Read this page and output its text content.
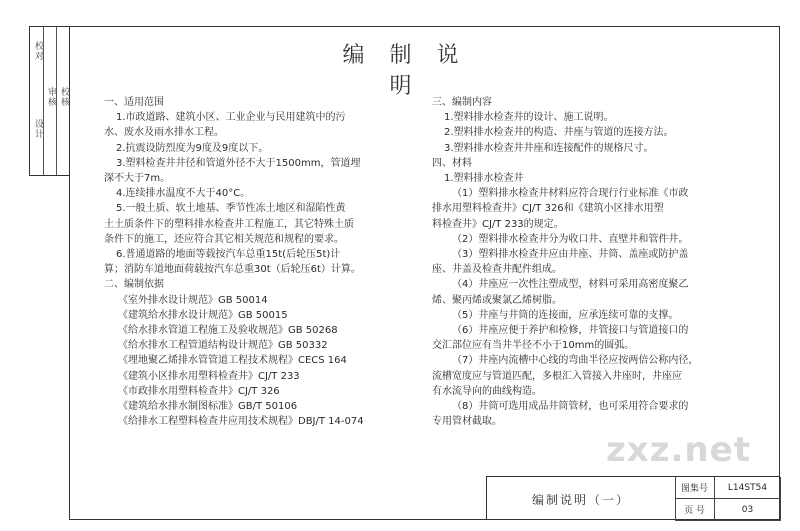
校对
设计
审核 校核
编 制 说 明
一、适用范围
1.市政道路、建筑小区、工业企业与民用建筑中的污
水、废水及雨水排水工程。
2.抗震设防烈度为9度及9度以下。
3.塑料检查井井径和管道外径不大于1500mm，管道埋
深不大于7m。
4.连续排水温度不大于40°C。
5.一般土质、软土地基、季节性冻土地区和湿陷性黄
土土质条件下的塑料排水检查井工程施工，其它特殊土质
条件下的施工，还应符合其它相关规范和规程的要求。
6.普通道路的地面等载按汽车总重15t(后轮压5t)计
算；消防车道地面荷载按汽车总重30t（后轮压6t）计算。
二、编制依据
《室外排水设计规范》GB 50014
《建筑给水排水设计规范》GB 50015
《给水排水管道工程施工及验收规范》GB 50268
《给水排水工程管道结构设计规范》GB 50332
《埋地聚乙烯排水管管道工程技术规程》CECS 164
《建筑小区排水用塑料检查井》CJ/T 233
《市政排水用塑料检查井》CJ/T 326
《建筑给水排水制图标准》GB/T 50106
《给排水工程塑料检查井应用技术规程》DBJ/T 14-074
三、编制内容
1.塑料排水检查井的设计、施工说明。
2.塑料排水检查井的构造、井座与管道的连接方法。
3.塑料排水检查井井座和连接配件的规格尺寸。
四、材料
1.塑料排水检查井
（1）塑料排水检查井材料应符合现行行业标准《市政
排水用塑料检查井》CJ/T 326和《建筑小区排水用塑
料检查井》CJ/T 233的规定。
（2）塑料排水检查井分为收口井、直壁井和管件井。
（3）塑料排水检查井应由井座、井筒、盖座或防护盖
座、井盖及检查井配件组成。
（4）井座应一次性注塑成型，材料可采用高密度聚乙
烯、聚丙烯或聚氯乙烯树脂。
（5）井座与井筒的连接面，应承连续可靠的支撑。
（6）井座应便于养护和检修，井管接口与管道接口的
交汇部位应有当井半径不小于10mm的圆弧。
（7）井座内流槽中心线的弯曲半径应按两倍公称内径，
流槽宽度应与管道匹配，多根汇入管接入井座时，井座应
有水流导向的曲线构造。
（8）井筒可选用成品井筒管材，也可采用符合要求的
专用管材截取。
zxz.net
编制说明（一）
图集号	L14ST54
页 号	03
